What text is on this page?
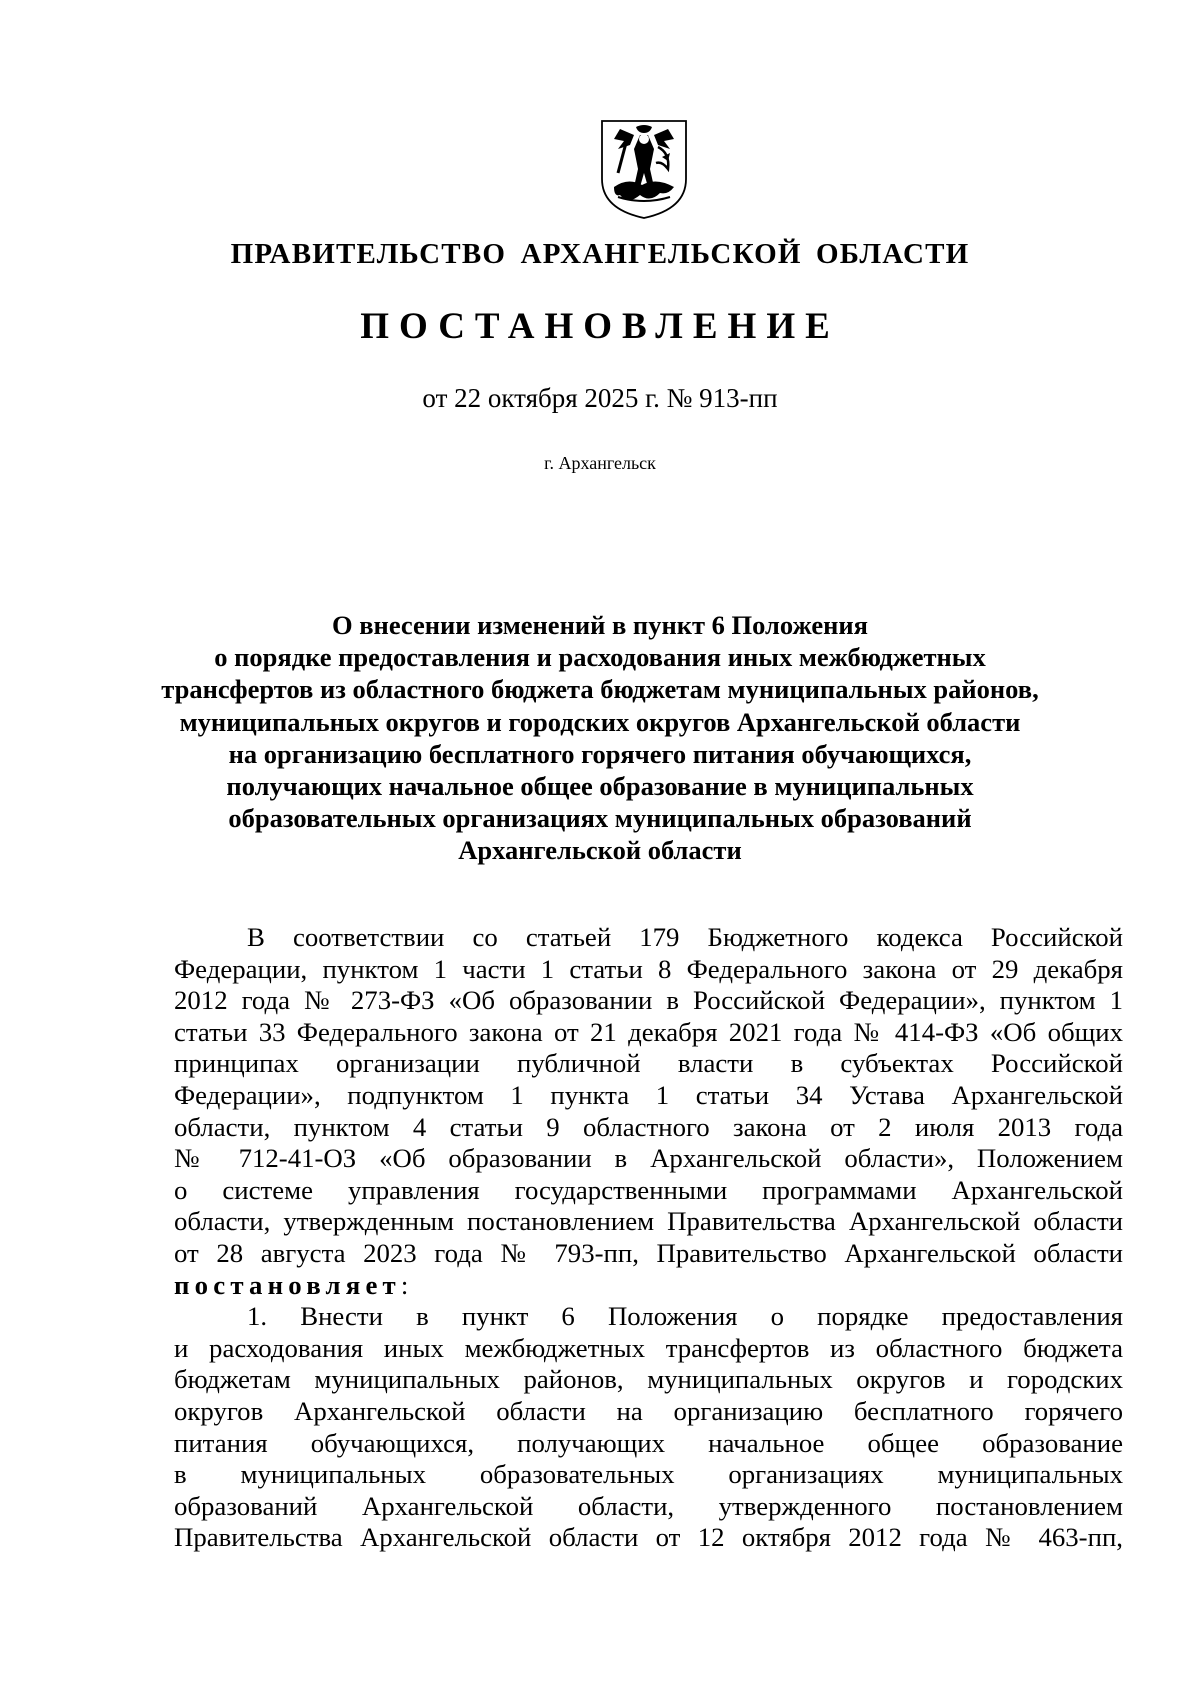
ПРАВИТЕЛЬСТВО АРХАНГЕЛЬСКОЙ ОБЛАСТИ
ПОСТАНОВЛЕНИЕ
от 22 октября 2025 г. № 913-пп
г. Архангельск
О внесении изменений в пункт 6 Положения
о порядке предоставления и расходования иных межбюджетных
трансфертов из областного бюджета бюджетам муниципальных районов,
муниципальных округов и городских округов Архангельской области
на организацию бесплатного горячего питания обучающихся,
получающих начальное общее образование в муниципальных
образовательных организациях муниципальных образований
Архангельской области
В соответствии со статьей 179 Бюджетного кодекса Российской
Федерации, пунктом 1 части 1 статьи 8 Федерального закона от 29 декабря
2012 года № 273-ФЗ «Об образовании в Российской Федерации», пунктом 1
статьи 33 Федерального закона от 21 декабря 2021 года № 414-ФЗ «Об общих
принципах организации публичной власти в субъектах Российской
Федерации», подпунктом 1 пункта 1 статьи 34 Устава Архангельской
области, пунктом 4 статьи 9 областного закона от 2 июля 2013 года
№ 712-41-ОЗ «Об образовании в Архангельской области», Положением
о системе управления государственными программами Архангельской
области, утвержденным постановлением Правительства Архангельской области
от 28 августа 2023 года № 793-пп, Правительство Архангельской области
постановляет:
1. Внести в пункт 6 Положения о порядке предоставления
и расходования иных межбюджетных трансфертов из областного бюджета
бюджетам муниципальных районов, муниципальных округов и городских
округов Архангельской области на организацию бесплатного горячего
питания обучающихся, получающих начальное общее образование
в муниципальных образовательных организациях муниципальных
образований Архангельской области, утвержденного постановлением
Правительства Архангельской области от 12 октября 2012 года № 463-пп,
